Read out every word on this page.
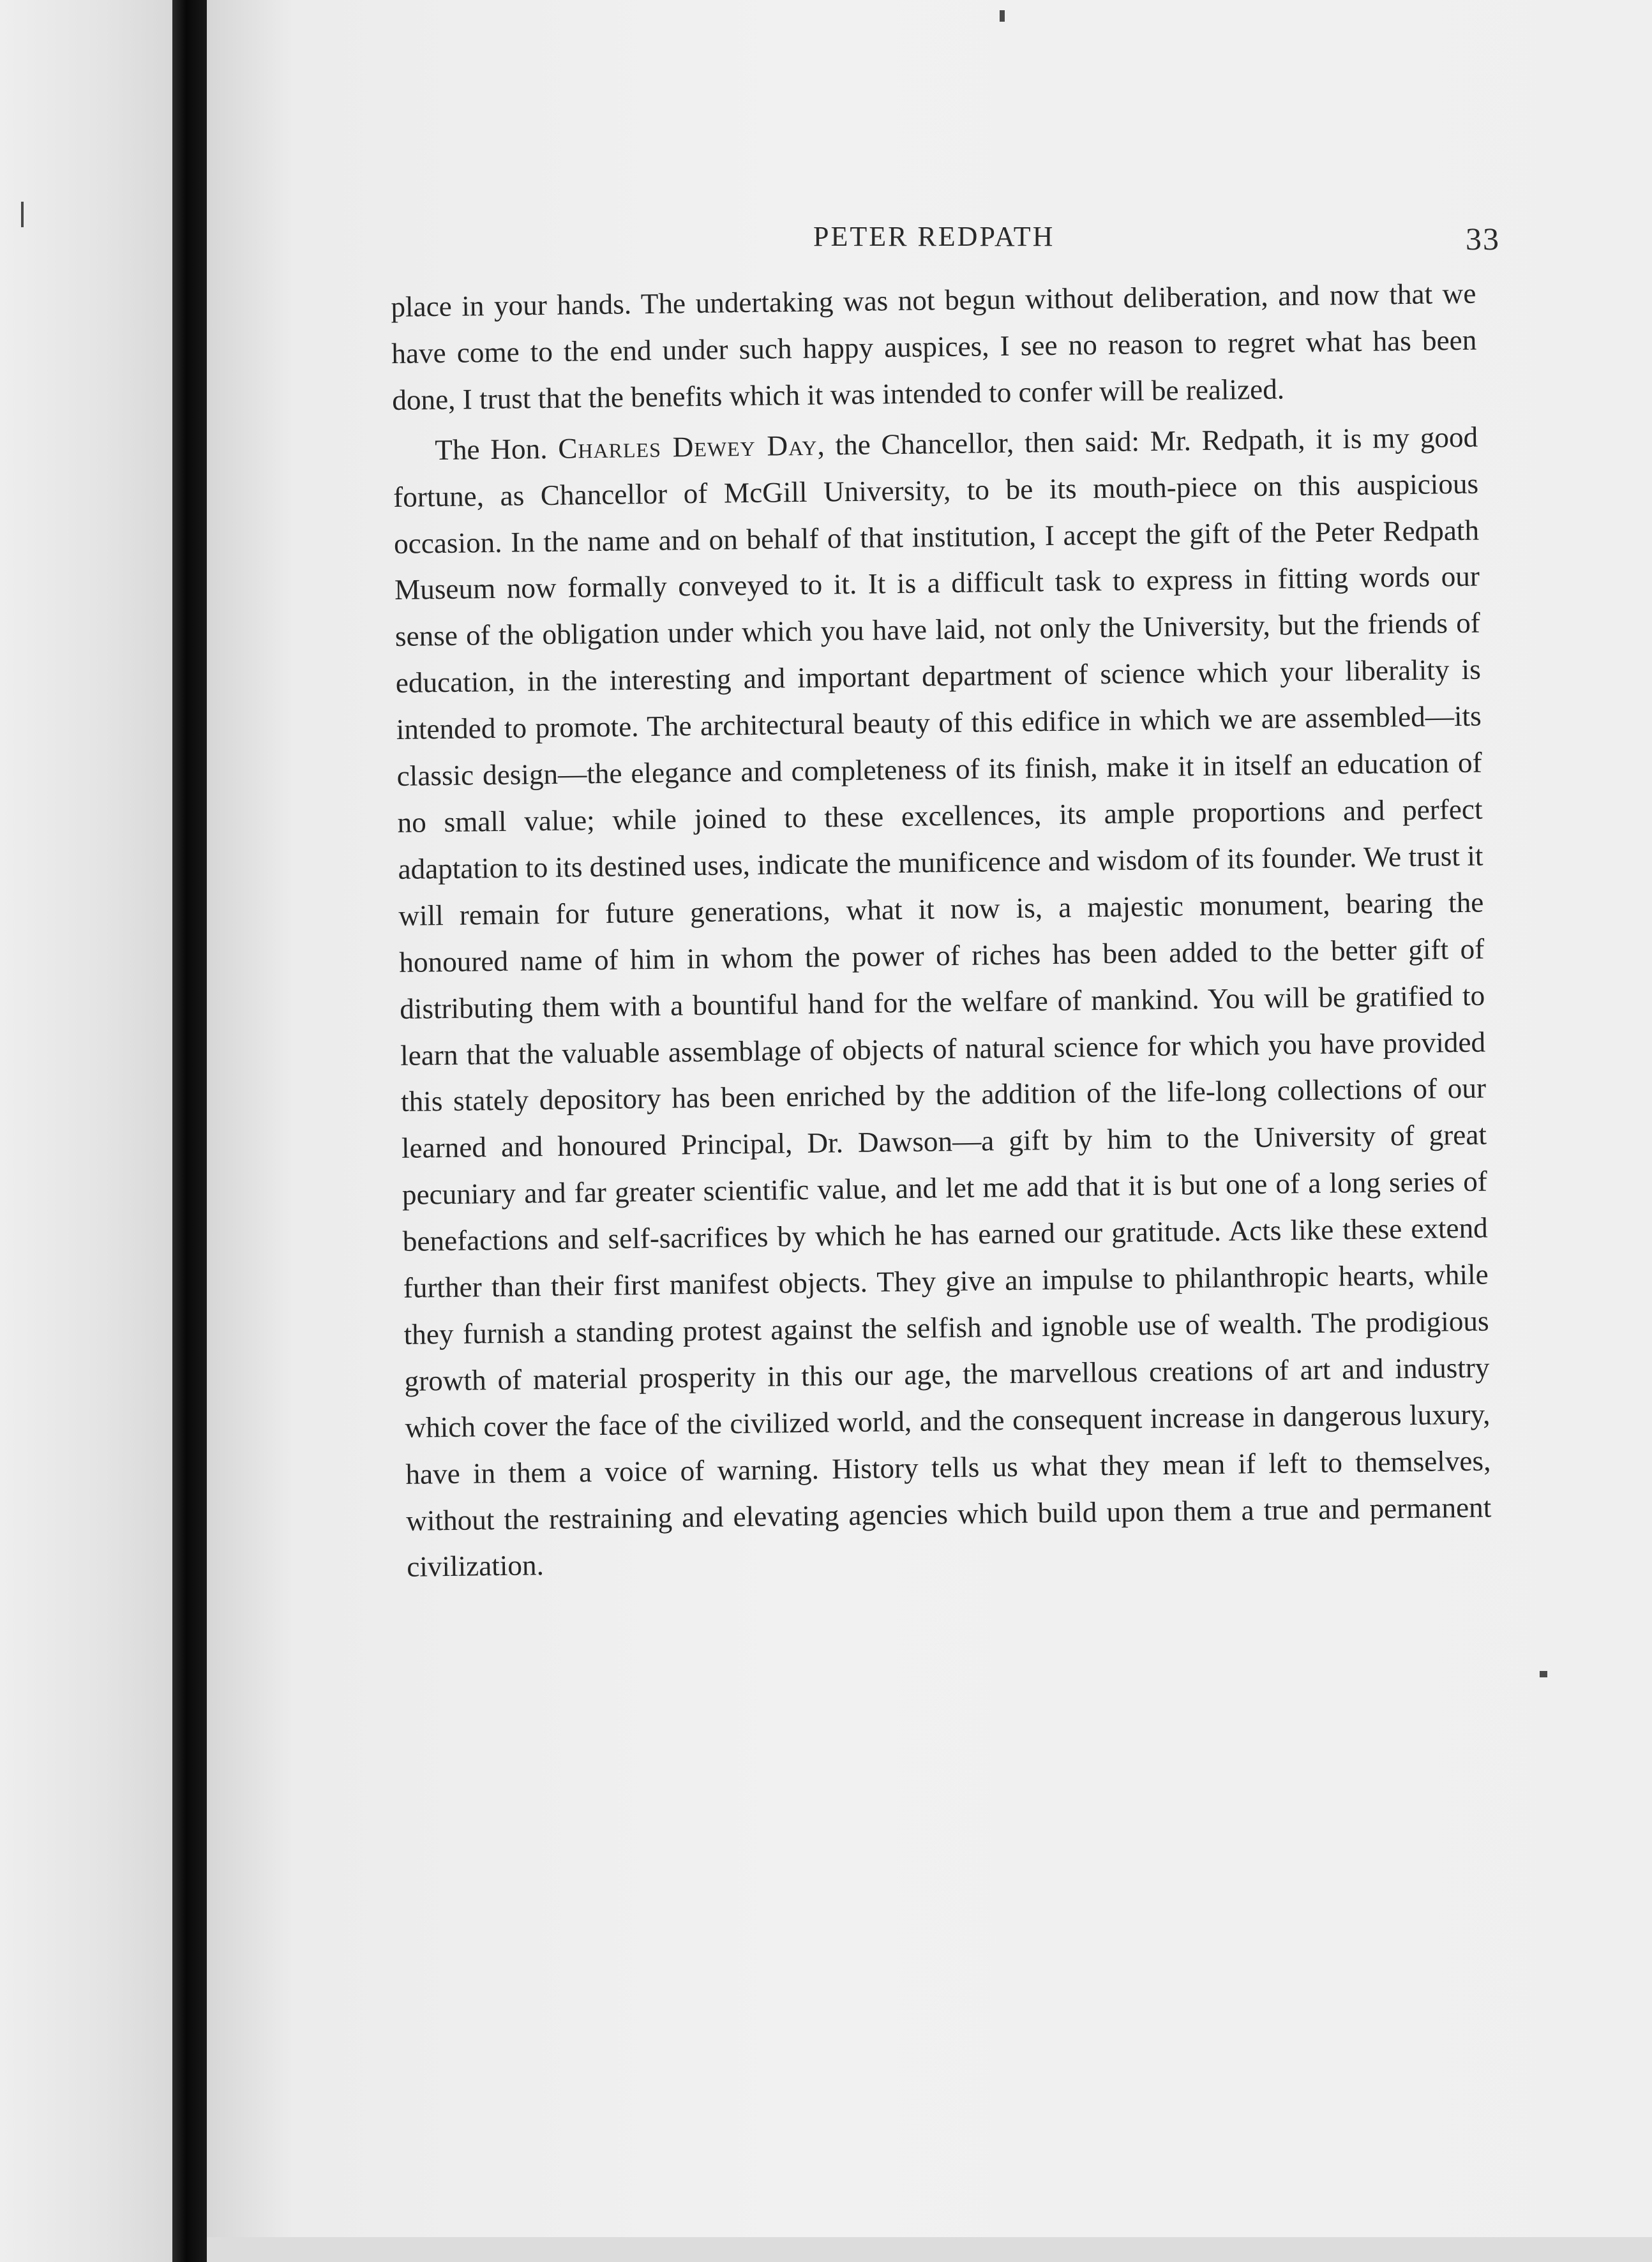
PETER REDPATH	33

place in your hands. The undertaking was not begun without deliberation, and now that we have come to the end under such happy auspices, I see no reason to regret what has been done, I trust that the benefits which it was intended to confer will be realized.

The Hon. Charles Dewey Day, the Chancellor, then said: Mr. Redpath, it is my good fortune, as Chancellor of McGill University, to be its mouth-piece on this auspicious occasion. In the name and on behalf of that institution, I accept the gift of the Peter Redpath Museum now formally conveyed to it. It is a difficult task to express in fitting words our sense of the obligation under which you have laid, not only the University, but the friends of education, in the interesting and important department of science which your liberality is intended to promote. The architectural beauty of this edifice in which we are assembled—its classic design—the elegance and completeness of its finish, make it in itself an education of no small value; while joined to these excellences, its ample proportions and perfect adaptation to its destined uses, indicate the munificence and wisdom of its founder. We trust it will remain for future generations, what it now is, a majestic monument, bearing the honoured name of him in whom the power of riches has been added to the better gift of distributing them with a bountiful hand for the welfare of mankind. You will be gratified to learn that the valuable assemblage of objects of natural science for which you have provided this stately depository has been enriched by the addition of the life-long collections of our learned and honoured Principal, Dr. Dawson—a gift by him to the University of great pecuniary and far greater scientific value, and let me add that it is but one of a long series of benefactions and self-sacrifices by which he has earned our gratitude. Acts like these extend further than their first manifest objects. They give an impulse to philanthropic hearts, while they furnish a standing protest against the selfish and ignoble use of wealth. The prodigious growth of material prosperity in this our age, the marvellous creations of art and industry which cover the face of the civilized world, and the consequent increase in dangerous luxury, have in them a voice of warning. History tells us what they mean if left to themselves, without the restraining and elevating agencies which build upon them a true and permanent civilization.
